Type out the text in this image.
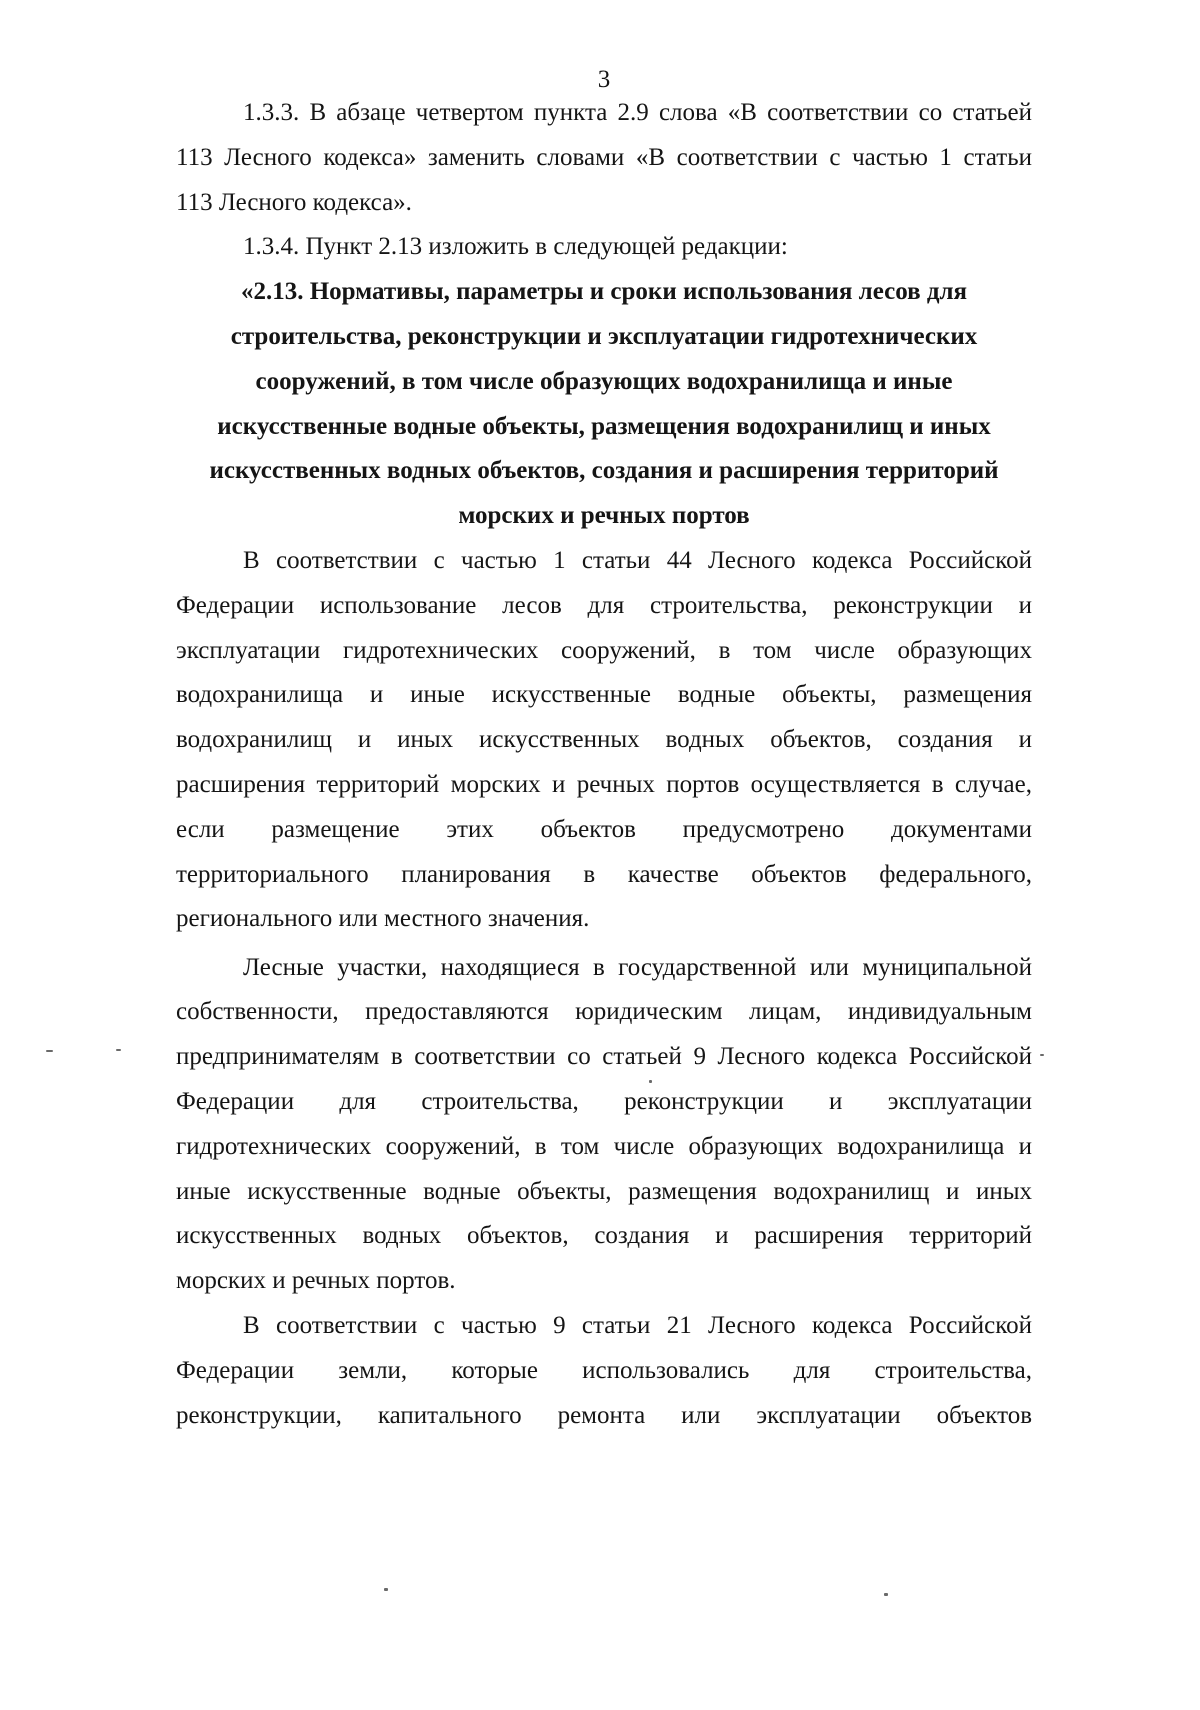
3
1.3.3. В абзаце четвертом пункта 2.9 слова «В соответствии со статьей
113 Лесного кодекса» заменить словами «В соответствии с частью 1 статьи
113 Лесного кодекса».
1.3.4. Пункт 2.13 изложить в следующей редакции:
«2.13. Нормативы, параметры и сроки использования лесов для
строительства, реконструкции и эксплуатации гидротехнических
сооружений, в том числе образующих водохранилища и иные
искусственные водные объекты, размещения водохранилищ и иных
искусственных водных объектов, создания и расширения территорий
морских и речных портов
В соответствии с частью 1 статьи 44 Лесного кодекса Российской
Федерации использование лесов для строительства, реконструкции и
эксплуатации гидротехнических сооружений, в том числе образующих
водохранилища и иные искусственные водные объекты, размещения
водохранилищ и иных искусственных водных объектов, создания и
расширения территорий морских и речных портов осуществляется в случае,
если размещение этих объектов предусмотрено документами
территориального планирования в качестве объектов федерального,
регионального или местного значения.
Лесные участки, находящиеся в государственной или муниципальной
собственности, предоставляются юридическим лицам, индивидуальным
предпринимателям в соответствии со статьей 9 Лесного кодекса Российской
Федерации для строительства, реконструкции и эксплуатации
гидротехнических сооружений, в том числе образующих водохранилища и
иные искусственные водные объекты, размещения водохранилищ и иных
искусственных водных объектов, создания и расширения территорий
морских и речных портов.
В соответствии с частью 9 статьи 21 Лесного кодекса Российской
Федерации земли, которые использовались для строительства,
реконструкции, капитального ремонта или эксплуатации объектов
